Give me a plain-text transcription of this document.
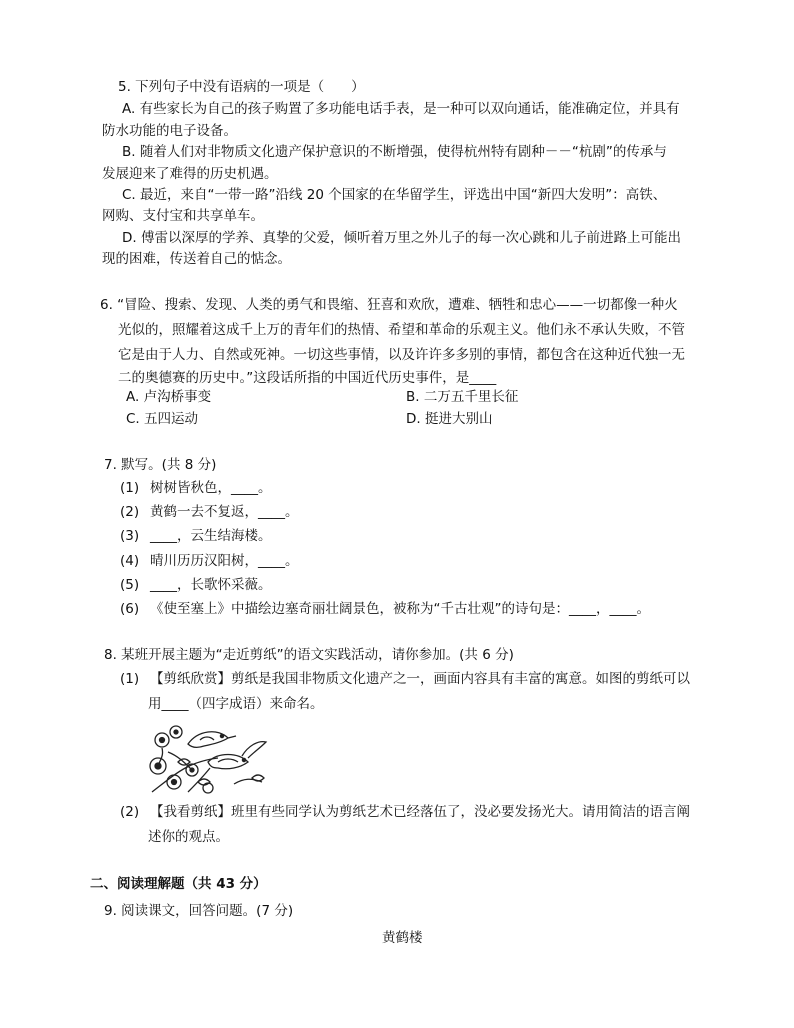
5. 下列句子中没有语病的一项是（　　）
A. 有些家长为自己的孩子购置了多功能电话手表，是一种可以双向通话，能准确定位，并具有
防水功能的电子设备。
B. 随着人们对非物质文化遗产保护意识的不断增强，使得杭州特有剧种－－“杭剧”的传承与
发展迎来了难得的历史机遇。
C. 最近，来自“一带一路”沿线 20 个国家的在华留学生，评选出中国“新四大发明”：高铁、
网购、支付宝和共享单车。
D. 傅雷以深厚的学养、真挚的父爱，倾听着万里之外儿子的每一次心跳和儿子前进路上可能出
现的困难，传送着自己的惦念。
6. “冒险、搜索、发现、人类的勇气和畏缩、狂喜和欢欣，遭难、牺牲和忠心——一切都像一种火
光似的，照耀着这成千上万的青年们的热情、希望和革命的乐观主义。他们永不承认失败，不管
它是由于人力、自然或死神。一切这些事情，以及许许多多别的事情，都包含在这种近代独一无
二的奥德赛的历史中。”这段话所指的中国近代历史事件，是____
A. 卢沟桥事变	B. 二万五千里长征
C. 五四运动	D. 挺进大别山
7. 默写。(共 8 分)
(1) 树树皆秋色，____。
(2) 黄鹤一去不复返，____。
(3) ____，云生结海楼。
(4) 晴川历历汉阳树，____。
(5) ____，长歌怀采薇。
(6) 《使至塞上》中描绘边塞奇丽壮阔景色，被称为“千古壮观”的诗句是：____，____。
8. 某班开展主题为“走近剪纸”的语文实践活动，请你参加。(共 6 分)
(1) 【剪纸欣赏】剪纸是我国非物质文化遗产之一，画面内容具有丰富的寓意。如图的剪纸可以
用____（四字成语）来命名。
(2) 【我看剪纸】班里有些同学认为剪纸艺术已经落伍了，没必要发扬光大。请用简洁的语言阐
述你的观点。
二、阅读理解题（共 43 分）
9. 阅读课文，回答问题。(7 分)
黄鹤楼
